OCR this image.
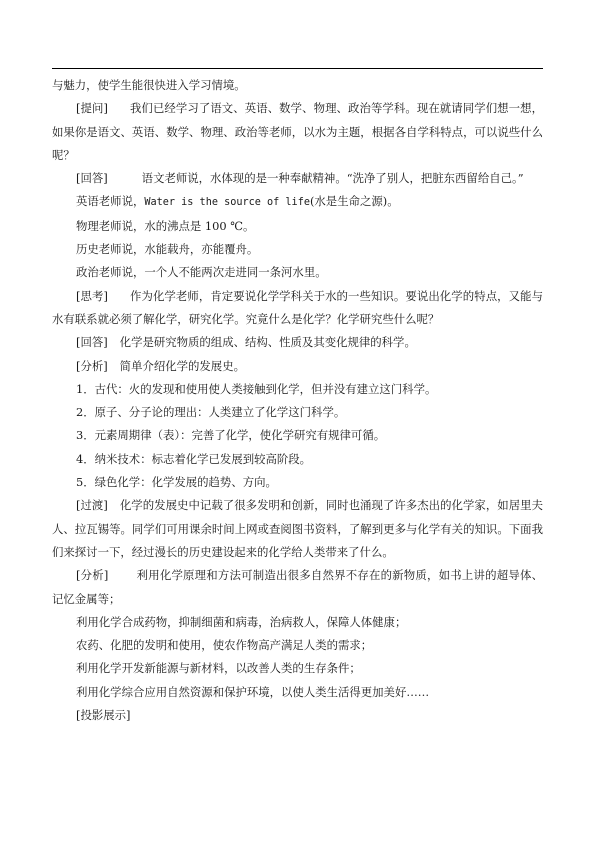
与魅力，使学生能很快进入学习情境。

[提问] 我们已经学习了语文、英语、数学、物理、政治等学科。现在就请同学们想一想，如果你是语文、英语、数学、物理、政治等老师，以水为主题，根据各自学科特点，可以说些什么呢？

[回答]	语文老师说，水体现的是一种奉献精神。“洗净了别人，把脏东西留给自己。”

英语老师说，Water is the source of life(水是生命之源)。

物理老师说，水的沸点是 100 ℃。

历史老师说，水能载舟，亦能覆舟。

政治老师说，一个人不能两次走进同一条河水里。

[思考] 作为化学老师，肯定要说化学学科关于水的一些知识。要说出化学的特点，又能与水有联系就必须了解化学，研究化学。究竟什么是化学？化学研究些什么呢？

[回答] 化学是研究物质的组成、结构、性质及其变化规律的科学。

[分析] 简单介绍化学的发展史。

1．古代：火的发现和使用使人类接触到化学，但并没有建立这门科学。

2．原子、分子论的理出：人类建立了化学这门科学。

3．元素周期律（表）：完善了化学，使化学研究有规律可循。

4．纳米技术：标志着化学已发展到较高阶段。

5．绿色化学：化学发展的趋势、方向。

[过渡] 化学的发展史中记载了很多发明和创新，同时也涌现了许多杰出的化学家，如居里夫人、拉瓦锡等。同学们可用课余时间上网或查阅图书资料，了解到更多与化学有关的知识。下面我们来探讨一下，经过漫长的历史建设起来的化学给人类带来了什么。

[分析] 利用化学原理和方法可制造出很多自然界不存在的新物质，如书上讲的超导体、记忆金属等；

利用化学合成药物，抑制细菌和病毒，治病救人，保障人体健康；

农药、化肥的发明和使用，使农作物高产满足人类的需求；

利用化学开发新能源与新材料，以改善人类的生存条件；

利用化学综合应用自然资源和保护环境，以使人类生活得更加美好……

[投影展示]
